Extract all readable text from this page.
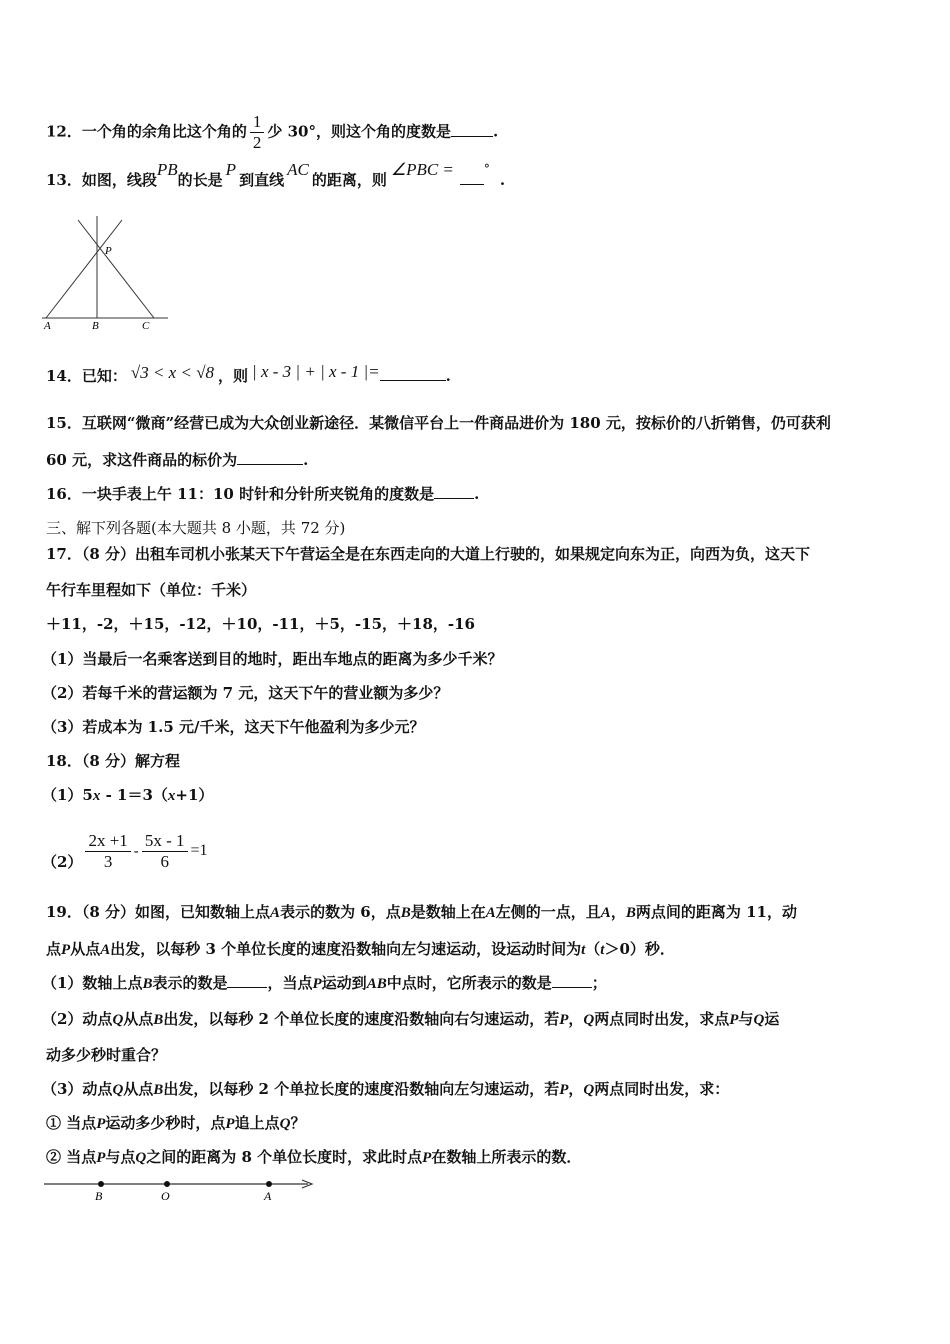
12．一个角的余角比这个角的 $\frac{1}{2}$ 少 30°，则这个角的度数是	.
13．如图，线段PB的长是P到直线AC的距离，则∠PBC =	°.
P
A	B	C
14．已知： √3 < x < √8 ，则 | x - 3 | + | x - 1 |=	.
15．互联网“微商”经营已成为大众创业新途径．某微信平台上一件商品进价为 180 元，按标价的八折销售，仍可获利
60 元，求这件商品的标价为	.
16．一块手表上午 11：10 时针和分针所夹锐角的度数是	.
三、解下列各题(本大题共 8 小题，共 72 分)
17．（8 分）出租车司机小张某天下午营运全是在东西走向的大道上行驶的，如果规定向东为正，向西为负，这天下
午行车里程如下（单位：千米）
＋11，-2，＋15，-12，＋10，-11，＋5，-15，＋18，-16
（1）当最后一名乘客送到目的地时，距出车地点的距离为多少千米？
（2）若每千米的营运额为 7 元，这天下午的营业额为多少？
（3）若成本为 1.5 元/千米，这天下午他盈利为多少元？
18．（8 分）解方程
（1）5x - 1＝3（x+1）
$(2) \frac{2x +1}{3} - \frac{5x - 1}{6} =1$
19．（8 分）如图，已知数轴上点A表示的数为 6，点B是数轴上在A左侧的一点，且A，B两点间的距离为 11，动
点P从点A出发，以每秒 3 个单位长度的速度沿数轴向左匀速运动，设运动时间为t（t＞0）秒．
（1）数轴上点B表示的数是	，当点P运动到AB中点时，它所表示的数是	；
（2）动点Q从点B出发，以每秒 2 个单位长度的速度沿数轴向右匀速运动，若P，Q两点同时出发，求点P与Q运
动多少秒时重合？
（3）动点Q从点B出发，以每秒 2 个单拉长度的速度沿数轴向左匀速运动，若P，Q两点同时出发，求：
① 当点P运动多少秒时，点P追上点Q？
② 当点P与点Q之间的距离为 8 个单位长度时，求此时点P在数轴上所表示的数．
B	O	A
